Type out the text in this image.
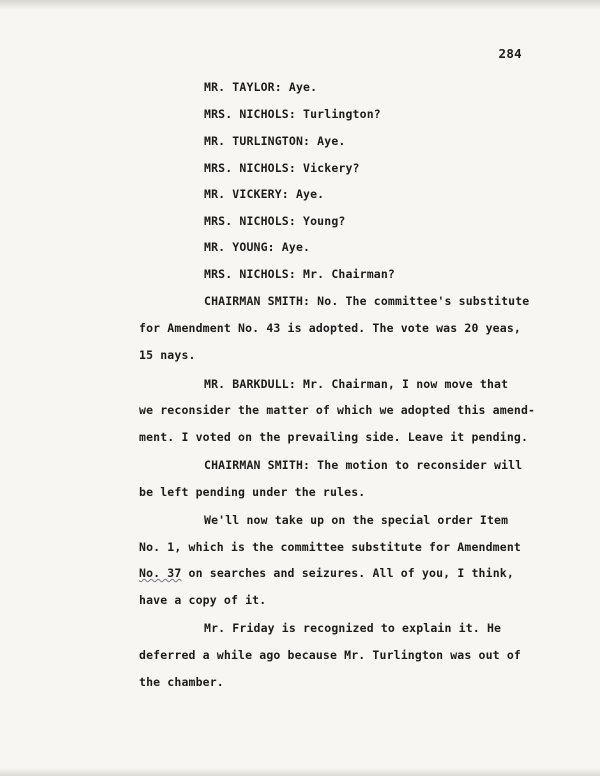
284
MR. TAYLOR: Aye.
MRS. NICHOLS: Turlington?
MR. TURLINGTON: Aye.
MRS. NICHOLS: Vickery?
MR. VICKERY: Aye.
MRS. NICHOLS: Young?
MR. YOUNG: Aye.
MRS. NICHOLS: Mr. Chairman?
CHAIRMAN SMITH: No. The committee's substitute
for Amendment No. 43 is adopted. The vote was 20 yeas,
15 nays.
MR. BARKDULL: Mr. Chairman, I now move that
we reconsider the matter of which we adopted this amend-
ment. I voted on the prevailing side. Leave it pending.
CHAIRMAN SMITH: The motion to reconsider will
be left pending under the rules.
We'll now take up on the special order Item
No. 1, which is the committee substitute for Amendment
No. 37 on searches and seizures. All of you, I think,
have a copy of it.
Mr. Friday is recognized to explain it. He
deferred a while ago because Mr. Turlington was out of
the chamber.
